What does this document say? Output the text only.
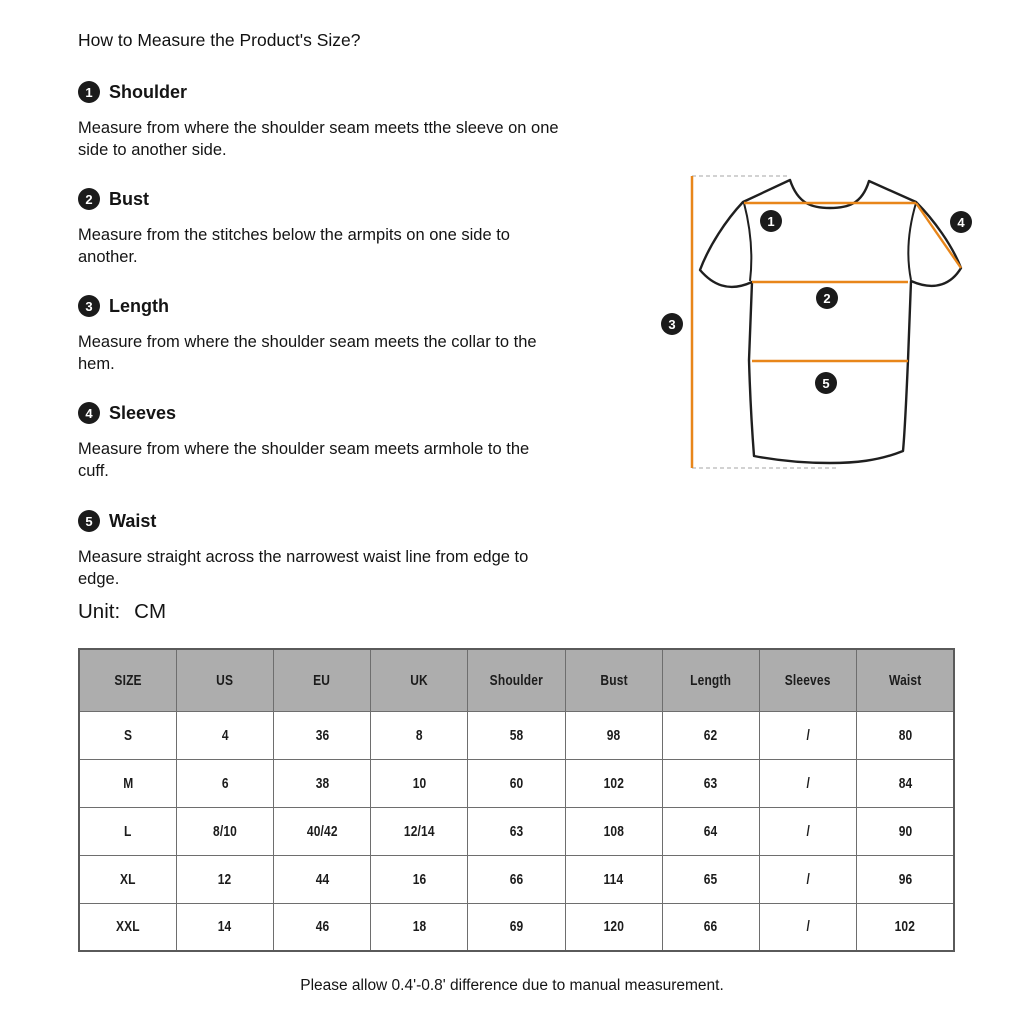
How to Measure the Product's Size?
1 Shoulder
Measure from where the shoulder seam meets tthe sleeve on one
side to another side.
2 Bust
Measure from the stitches below the armpits on one side to
another.
3 Length
Measure from where the shoulder seam meets the collar to the
hem.
4 Sleeves
Measure from where the shoulder seam meets armhole to the
cuff.
5 Waist
Measure straight across the narrowest waist line from edge to
edge.
1
2
3
4
5
Unit: CM
SIZE	US	EU	UK	Shoulder	Bust	Length	Sleeves	Waist
S	4	36	8	58	98	62	/	80
M	6	38	10	60	102	63	/	84
L	8/10	40/42	12/14	63	108	64	/	90
XL	12	44	16	66	114	65	/	96
XXL	14	46	18	69	120	66	/	102
Please allow 0.4'-0.8' difference due to manual measurement.
